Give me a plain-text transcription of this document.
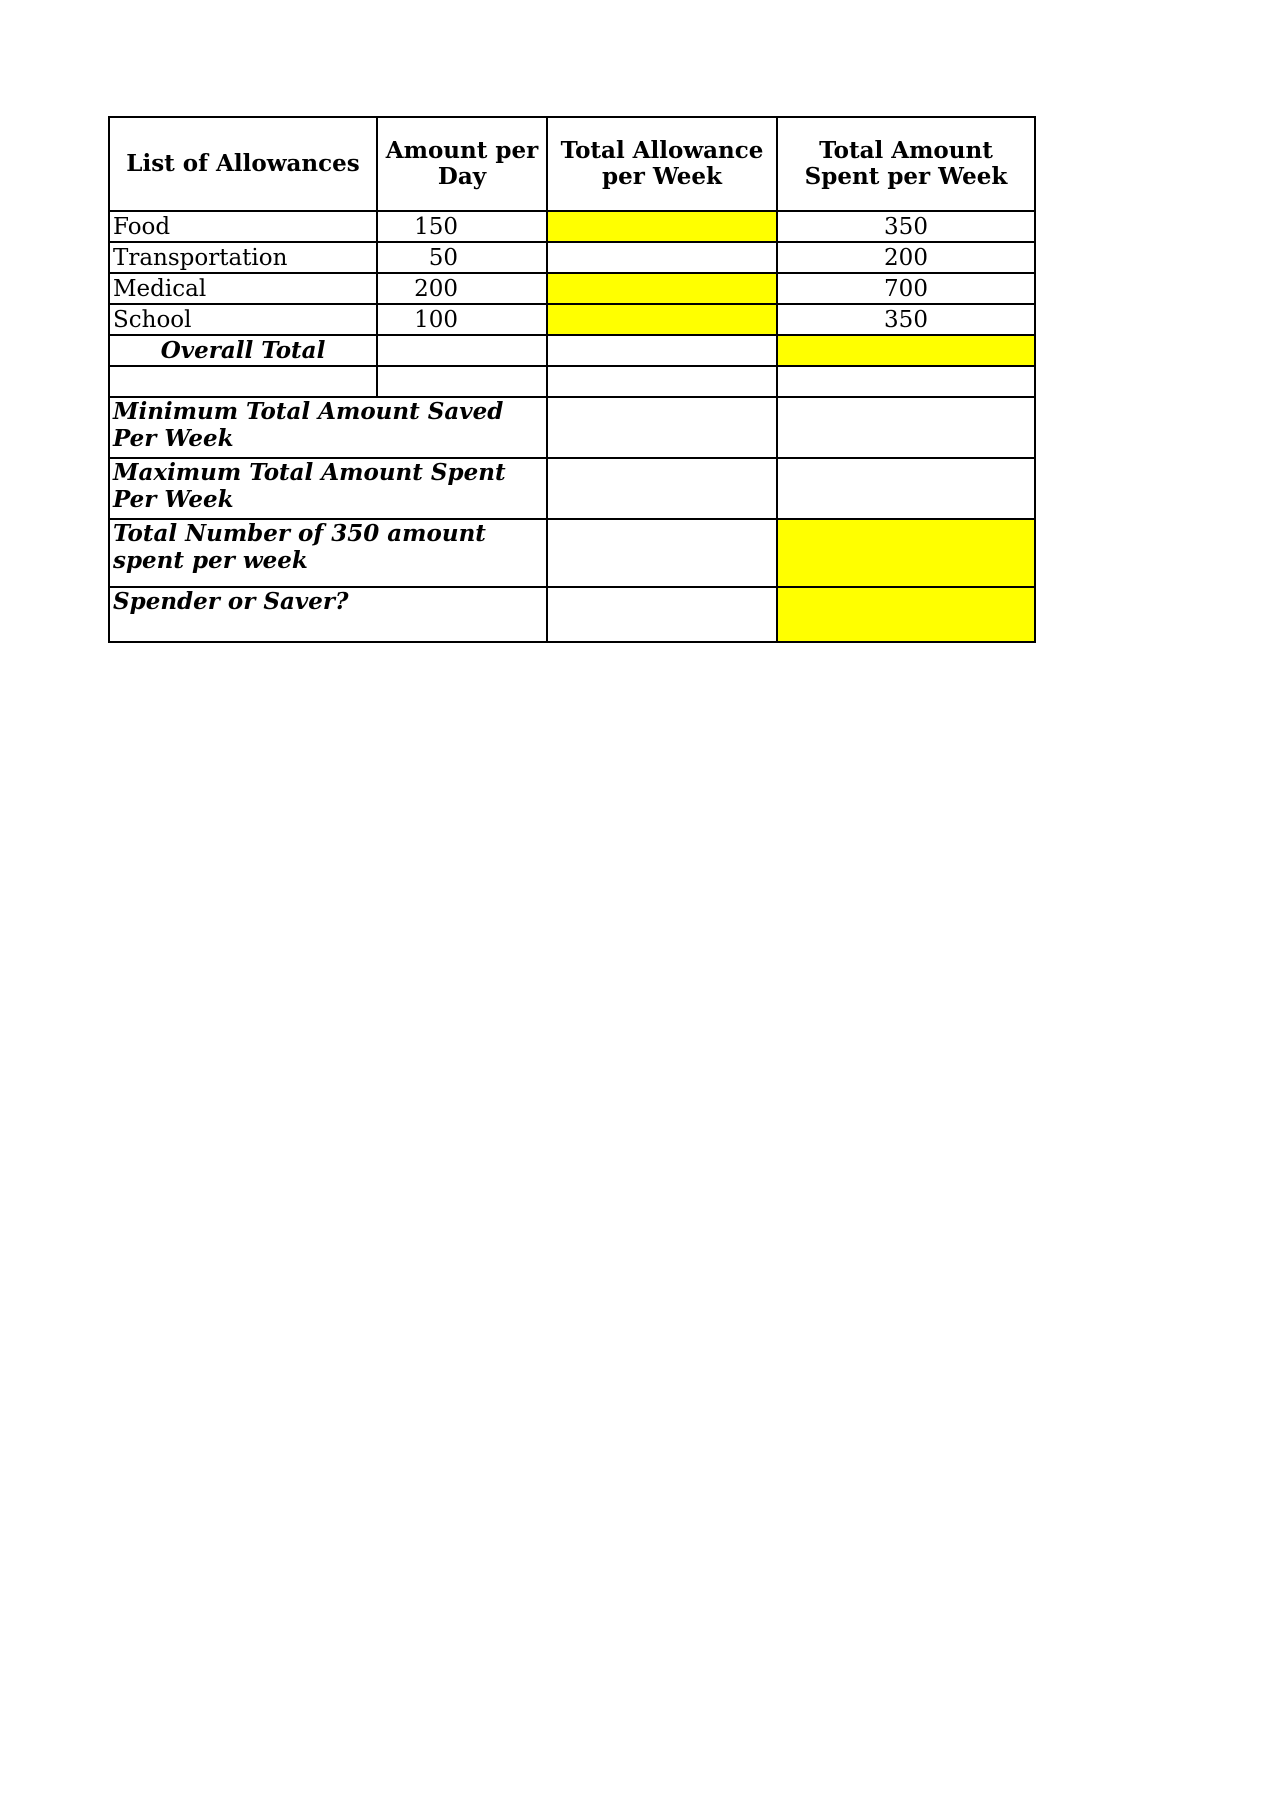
List of Allowances	Amount per Day	Total Allowance per Week	Total Amount Spent per Week
Food	150		350
Transportation	50		200
Medical	200		700
School	100		350
Overall Total			

Minimum Total Amount Saved Per Week			
Maximum Total Amount Spent Per Week			
Total Number of 350 amount spent per week			
Spender or Saver?			
